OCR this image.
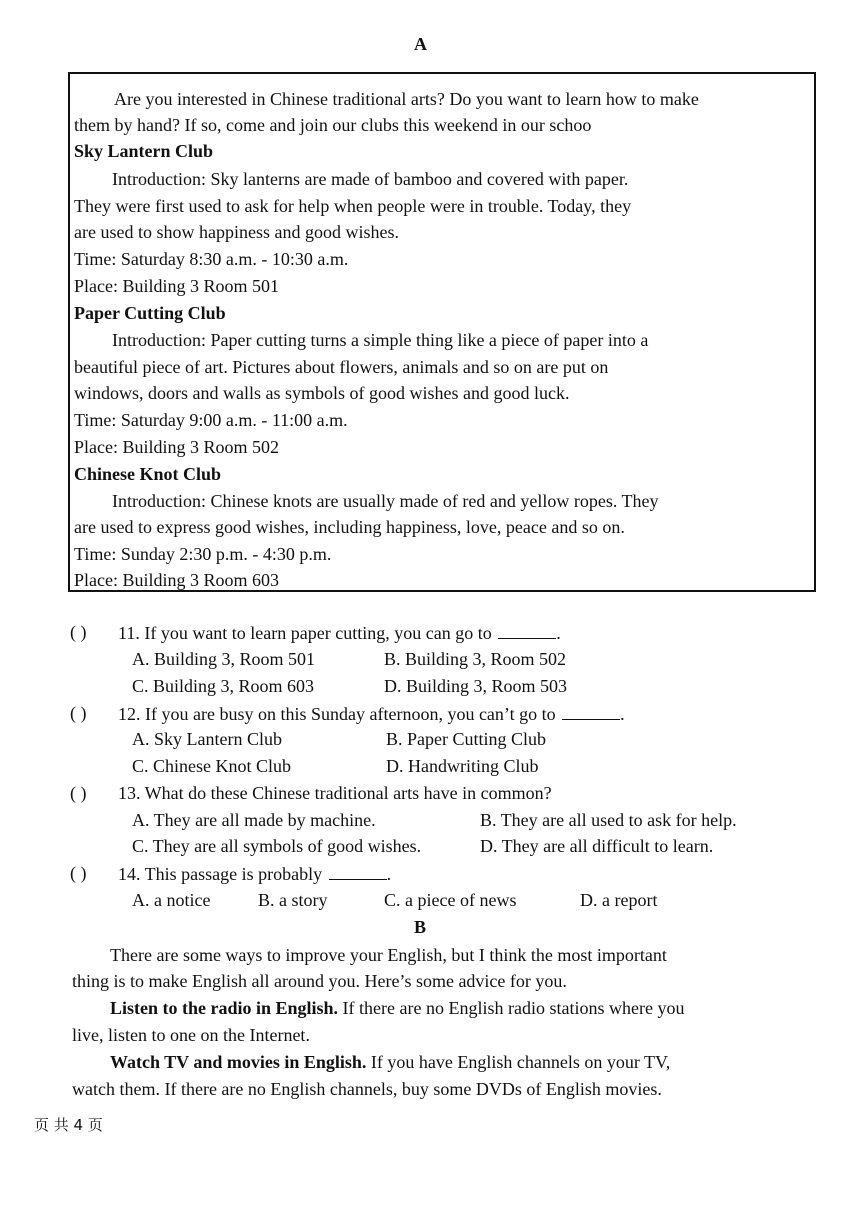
A
Are you interested in Chinese traditional arts? Do you want to learn how to make
them by hand? If so, come and join our clubs this weekend in our schoo
Sky Lantern Club
Introduction: Sky lanterns are made of bamboo and covered with paper.
They were first used to ask for help when people were in trouble. Today, they
are used to show happiness and good wishes.
Time: Saturday 8:30 a.m. - 10:30 a.m.
Place: Building 3 Room 501
Paper Cutting Club
Introduction: Paper cutting turns a simple thing like a piece of paper into a
beautiful piece of art. Pictures about flowers, animals and so on are put on
windows, doors and walls as symbols of good wishes and good luck.
Time: Saturday 9:00 a.m. - 11:00 a.m.
Place: Building 3 Room 502
Chinese Knot Club
Introduction: Chinese knots are usually made of red and yellow ropes. They
are used to express good wishes, including happiness, love, peace and so on.
Time: Sunday 2:30 p.m. - 4:30 p.m.
Place: Building 3 Room 603
( ) 11. If you want to learn paper cutting, you can go to	.
A. Building 3, Room 501	B. Building 3, Room 502
C. Building 3, Room 603	D. Building 3, Room 503
( ) 12. If you are busy on this Sunday afternoon, you can’t go to	.
A. Sky Lantern Club	B. Paper Cutting Club
C. Chinese Knot Club	D. Handwriting Club
( ) 13. What do these Chinese traditional arts have in common?
A. They are all made by machine.	B. They are all used to ask for help.
C. They are all symbols of good wishes.	D. They are all difficult to learn.
( ) 14. This passage is probably	.
A. a notice	B. a story	C. a piece of news	D. a report
B
There are some ways to improve your English, but I think the most important
thing is to make English all around you. Here’s some advice for you.
Listen to the radio in English. If there are no English radio stations where you
live, listen to one on the Internet.
Watch TV and movies in English. If you have English channels on your TV,
watch them. If there are no English channels, buy some DVDs of English movies.
页 共 4 页
